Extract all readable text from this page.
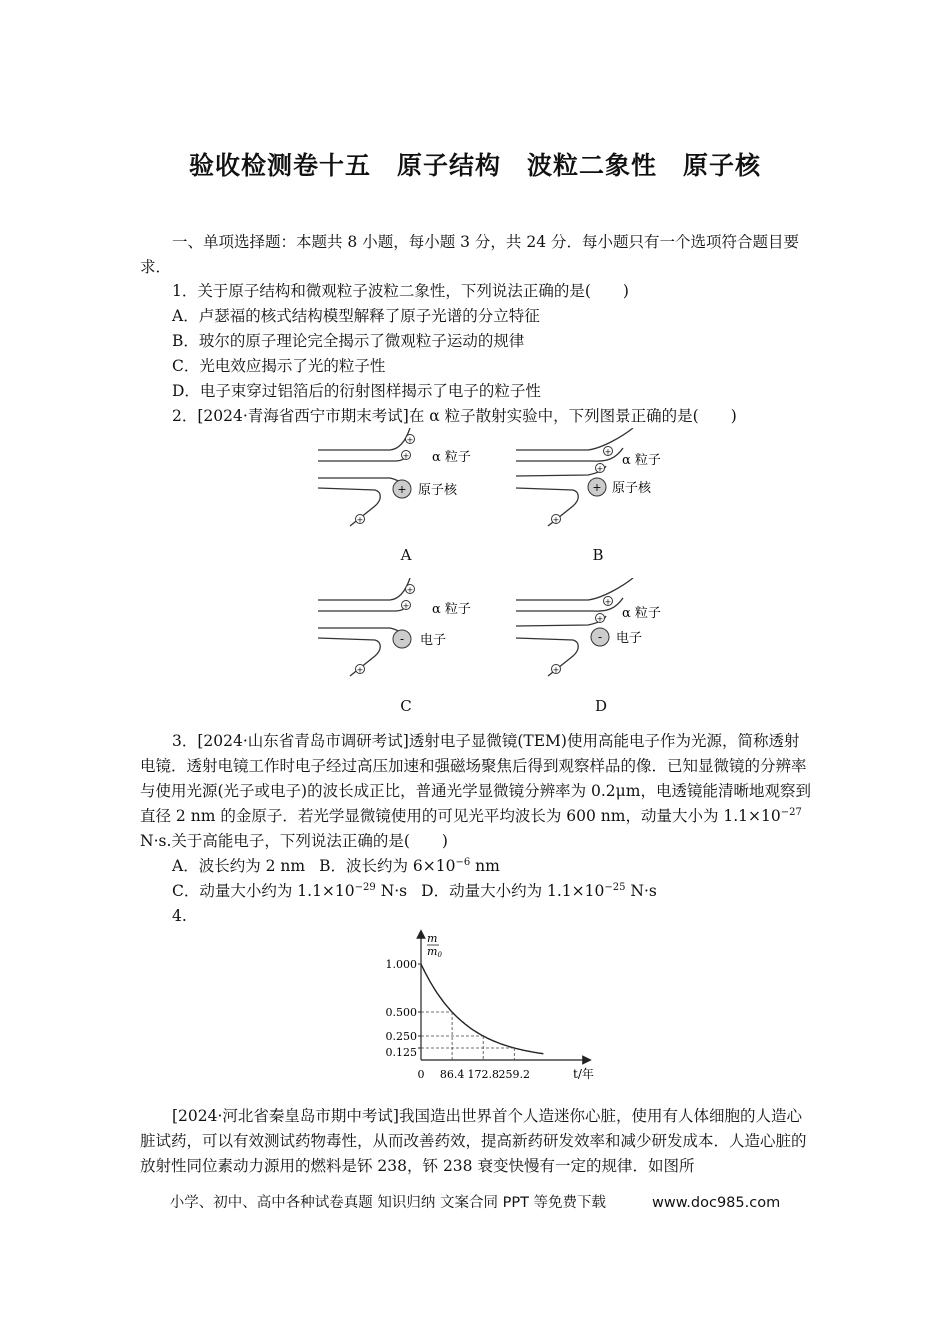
验收检测卷十五　原子结构　波粒二象性　原子核

一、单项选择题：本题共 8 小题，每小题 3 分，共 24 分．每小题只有一个选项符合题目要求．

1．关于原子结构和微观粒子波粒二象性，下列说法正确的是( )
A．卢瑟福的核式结构模型解释了原子光谱的分立特征
B．玻尔的原子理论完全揭示了微观粒子运动的规律
C．光电效应揭示了光的粒子性
D．电子束穿过铝箔后的衍射图样揭示了电子的粒子性
2．[2024·青海省西宁市期末考试]在 α 粒子散射实验中，下列图景正确的是( )
+
+
+
+
α 粒子
原子核
A
+
+
+
+
α 粒子
原子核
B
+
+
+
-
α 粒子
电子
C
+
+
+
-
α 粒子
电子
D

3．[2024·山东省青岛市调研考试]透射电子显微镜(TEM)使用高能电子作为光源，简称透射电镜．透射电镜工作时电子经过高压加速和强磁场聚焦后得到观察样品的像．已知显微镜的分辨率与使用光源(光子或电子)的波长成正比，普通光学显微镜分辨率为 0.2μm，电透镜能清晰地观察到直径 2 nm 的金原子．若光学显微镜使用的可见光平均波长为 600 nm，动量大小为 $1.1\times 10^{-27}$ N·s.关于高能电子，下列说法正确的是( )

A．波长约为 2 nm B．波长约为 $6\times 10^{-6}$ nm
C．动量大小约为 $1.1\times 10^{-29}$ N·s D．动量大小约为 $1.1\times 10^{-25}$ N·s
4.
m
m0
t/年
0
1.000
86.4
0.500
172.8
0.250
259.2
0.125

[2024·河北省秦皇岛市期中考试]我国造出世界首个人造迷你心脏，使用有人体细胞的人造心脏试药，可以有效测试药物毒性，从而改善药效，提高新药研发效率和减少研发成本．人造心脏的放射性同位素动力源用的燃料是钚 238，钚 238 衰变快慢有一定的规律．如图所

小学、初中、高中各种试卷真题 知识归纳 文案合同 PPT 等免费下载	www.doc985.com
